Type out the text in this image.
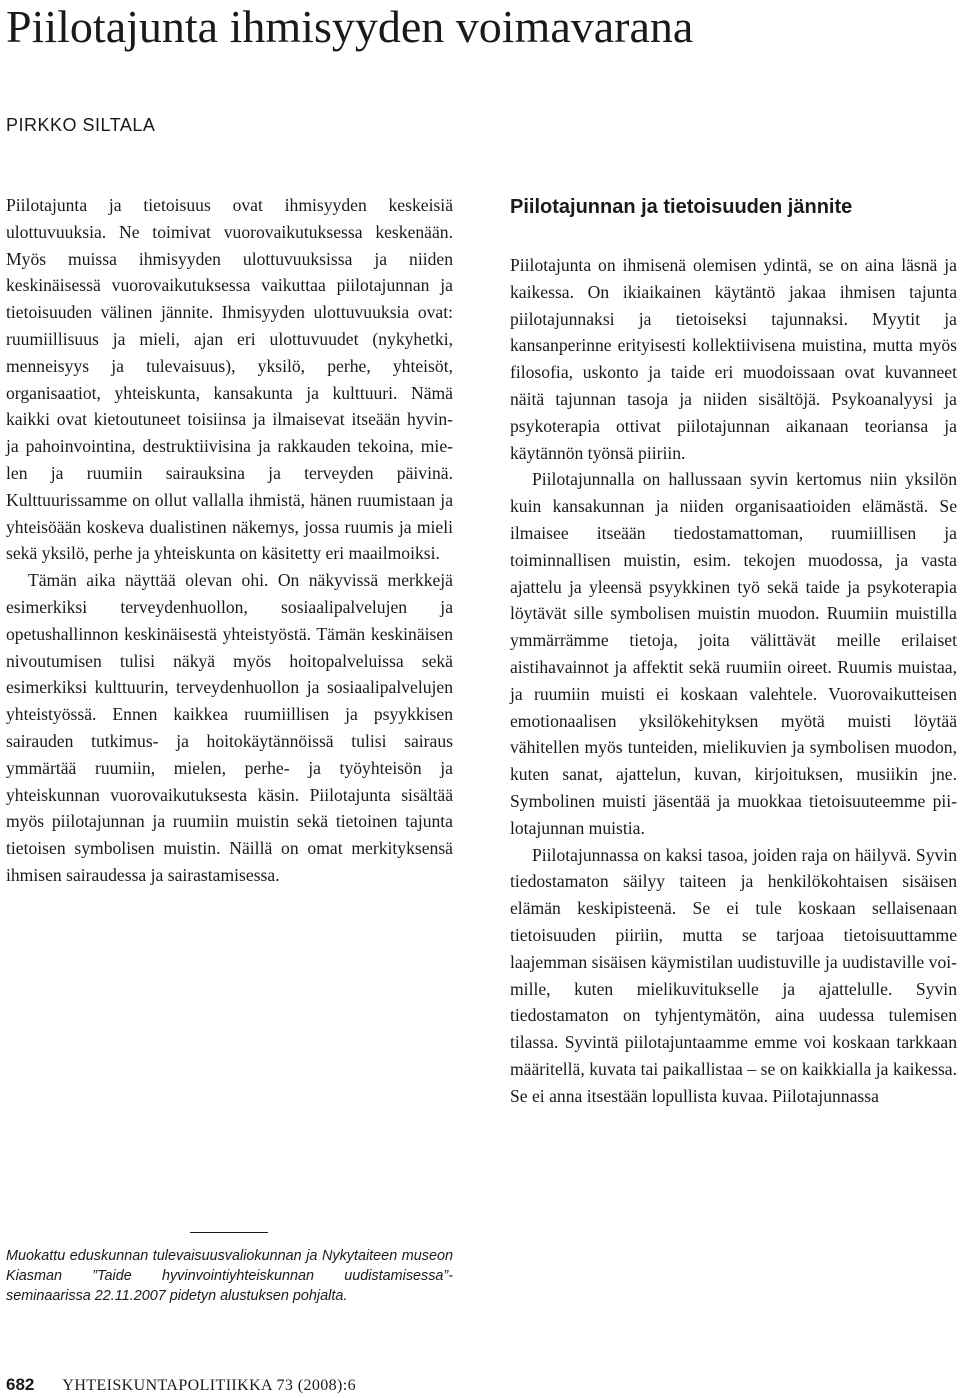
Piilotajunta ihmisyyden voimavarana
PIRKKO SILTALA

Piilotajunta ja tietoisuus ovat ihmisyyden keskeisiä ulottuvuuksia. Ne toimivat vuorovaikutuksessa keskenään. Myös muissa ihmisyyden ulottuvuuksissa ja niiden keskinäisessä vuorovaikutuksessa vaikuttaa piilotajunnan ja tietoisuuden välinen jännite. Ihmisyyden ulottuvuuksia ovat: ruumiillisuus ja mieli, ajan eri ulottuvuudet (nykyhetki, menneisyys ja tulevaisuus), yksilö, perhe, yhteisöt, organisaatiot, yhteiskunta, kansakunta ja kulttuuri. Nämä kaikki ovat kietoutuneet toisiinsa ja ilmaisevat itseään hyvin- ja pahoinvointina, destruktiivisina ja rakkauden tekoina, mielen ja ruumiin sairauksina ja terveyden päivinä. Kulttuurissamme on ollut vallalla ihmistä, hänen ruumistaan ja yhteisöään koskeva dualistinen näkemys, jossa ruumis ja mieli sekä yksilö, perhe ja yhteiskunta on käsitetty eri maailmoiksi.

Tämän aika näyttää olevan ohi. On näkyvissä merkkejä esimerkiksi terveydenhuollon, sosiaalipalvelujen ja opetushallinnon keskinäisestä yhteistyöstä. Tämän keskinäisen nivoutumisen tulisi näkyä myös hoitopalveluissa sekä esimerkiksi kulttuurin, terveydenhuollon ja sosiaalipalvelujen yhteistyössä. Ennen kaikkea ruumiillisen ja psyykkisen sairauden tutkimus- ja hoitokäytännöissä tulisi sairaus ymmärtää ruumiin, mielen, perhe- ja työyhteisön ja yhteiskunnan vuorovaikutuksesta käsin. Piilotajunta sisältää myös piilotajunnan ja ruumiin muistin sekä tietoinen tajunta tietoisen symbolisen muistin. Näillä on omat merkityksensä ihmisen sairaudessa ja sairastamisessa.

Piilotajunnan ja tietoisuuden jännite

Piilotajunta on ihmisenä olemisen ydintä, se on aina läsnä ja kaikessa. On ikiaikainen käytäntö jakaa ihmisen tajunta piilotajunnaksi ja tietoiseksi tajunnaksi. Myytit ja kansanperinne erityisesti kollektiivisena muistina, mutta myös filosofia, uskonto ja taide eri muodoissaan ovat kuvanneet näitä tajunnan tasoja ja niiden sisältöjä. Psykoanalyysi ja psykoterapia ottivat piilotajunnan aikanaan teoriansa ja käytännön työnsä piiriin.

Piilotajunnalla on hallussaan syvin kertomus niin yksilön kuin kansakunnan ja niiden organisaatioiden elämästä. Se ilmaisee itseään tiedostamattoman, ruumiillisen ja toiminnallisen muistin, esim. tekojen muodossa, ja vasta ajattelu ja yleensä psyykkinen työ sekä taide ja psykoterapia löytävät sille symbolisen muistin muodon. Ruumiin muistilla ymmärrämme tietoja, joita välittävät meille erilaiset aistihavainnot ja affektit sekä ruumiin oireet. Ruumis muistaa, ja ruumiin muisti ei koskaan valehtele. Vuorovaikutteisen emotionaalisen yksilökehityksen myötä muisti löytää vähitellen myös tunteiden, mielikuvien ja symbolisen muodon, kuten sanat, ajattelun, kuvan, kirjoituksen, musiikin jne. Symbolinen muisti jäsentää ja muokkaa tietoisuuteemme piilotajunnan muistia.

Piilotajunnassa on kaksi tasoa, joiden raja on häilyvä. Syvin tiedostamaton säilyy taiteen ja henkilökohtaisen sisäisen elämän keskipisteenä. Se ei tule koskaan sellaisenaan tietoisuuden piiriin, mutta se tarjoaa tietoisuuttamme laajemman sisäisen käymistilan uudistuville ja uudistaville voimille, kuten mielikuvitukselle ja ajattelulle. Syvin tiedostamaton on tyhjentymätön, aina uudessa tulemisen tilassa. Syvintä piilotajuntaamme emme voi koskaan tarkkaan määritellä, kuvata tai paikallistaa – se on kaikkialla ja kaikessa. Se ei anna itsestään lopullista kuvaa. Piilotajunnassa

Muokattu eduskunnan tulevaisuusvaliokunnan ja Nykytaiteen museon Kiasman ”Taide hyvinvointiyhteiskunnan uudistamisessa”-seminaarissa 22.11.2007 pidetyn alustuksen pohjalta.
682 YHTEISKUNTAPOLITIIKKA 73 (2008):6
